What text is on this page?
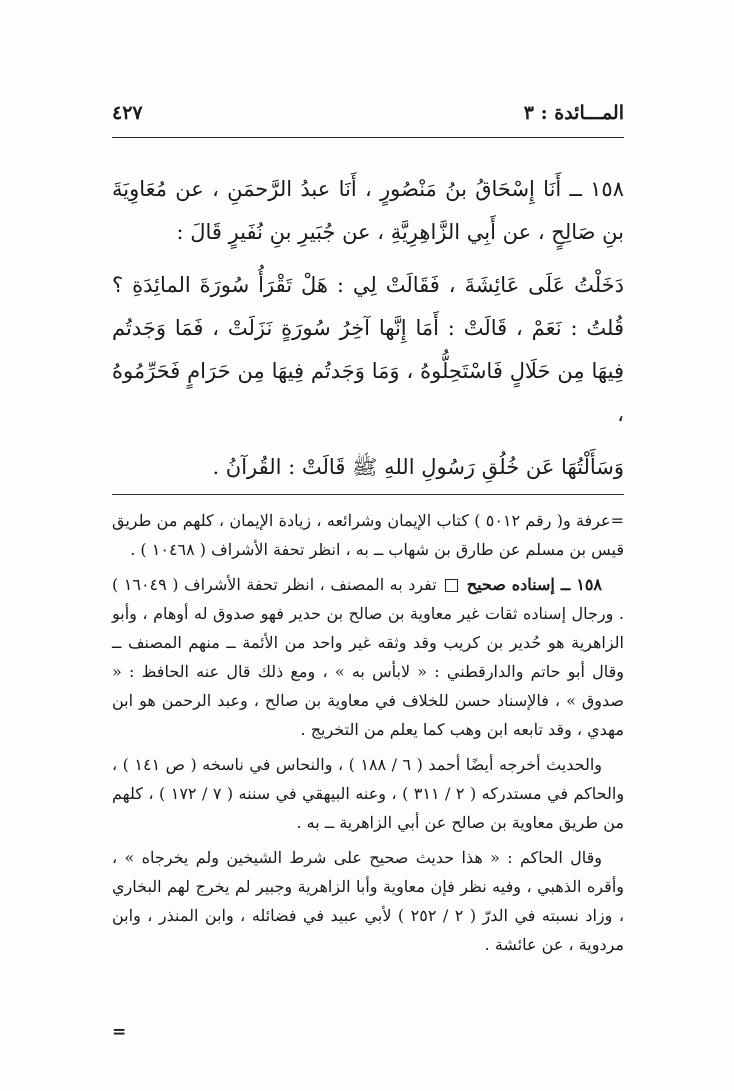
المـــائدة : ٣
٤٢٧

١٥٨ ــ أَنَا إِسْحَاقُ بنُ مَنْصُورٍ ، أَنَا عبدُ الرَّحمَنِ ، عن مُعَاوِيَةَ بنِ صَالِحٍ ، عن أَبِي الزَّاهِرِيَّةِ ، عن جُبَيرِ بنِ نُفَيرٍ قَالَ :

دَخَلْتُ عَلَى عَائِشَةَ ، فَقَالَتْ لِي : هَلْ تَقْرَأُ سُورَةَ المائِدَةِ ؟ قُلتُ : نَعَمْ ، قَالَتْ : أَمَا إِنَّها آخِرُ سُورَةٍ نَزَلَتْ ، فَمَا وَجَدتُم فِيهَا مِن حَلَالٍ فَاسْتَحِلُّوهُ ، وَمَا وَجَدتُم فِيهَا مِن حَرَامٍ فَحَرِّمُوهُ ،

وَسَأَلْتُهَا عَن خُلُقِ رَسُولِ اللهِ ﷺ قَالَتْ : القُرآنُ .

=عرفة و( رقم ٥٠١٢ ) كتاب الإيمان وشرائعه ، زيادة الإيمان ، كلهم من طريق قيس بن مسلم عن طارق بن شهاب ــ به ، انظر تحفة الأشراف ( ١٠٤٦٨ ) .

١٥٨ ــ إسناده صحيح  تفرد به المصنف ، انظر تحفة الأشراف ( ١٦٠٤٩ ) . ورجال إسناده ثقات غير معاوية بن صالح بن حدير فهو صدوق له أوهام ، وأبو الزاهرية هو حُدير بن كريب وقد وثقه غير واحد من الأئمة ــ منهم المصنف ــ وقال أبو حاتم والدارقطني : « لابأس به » ، ومع ذلك قال عنه الحافظ : « صدوق » ، فالإسناد حسن للخلاف في معاوية بن صالح ، وعبد الرحمن هو ابن مهدي ، وقد تابعه ابن وهب كما يعلم من التخريج .

والحديث أخرجه أيضًا أحمد ( ٦ / ١٨٨ ) ، والنحاس في ناسخه ( ص ١٤١ ) ، والحاكم في مستدركه ( ٢ / ٣١١ ) ، وعنه البيهقي في سننه ( ٧ / ١٧٢ ) ، كلهم من طريق معاوية بن صالح عن أبي الزاهرية ــ به .

وقال الحاكم : « هذا حديث صحيح على شرط الشيخين ولم يخرجاه » ، وأقره الذهبي ، وفيه نظر فإن معاوية وأبا الزاهرية وجبير لم يخرج لهم البخاري ، وزاد نسبته في الدرّ ( ٢ / ٢٥٢ ) لأبي عبيد في فضائله ، وابن المنذر ، وابن مردوية ، عن عائشة .

=
